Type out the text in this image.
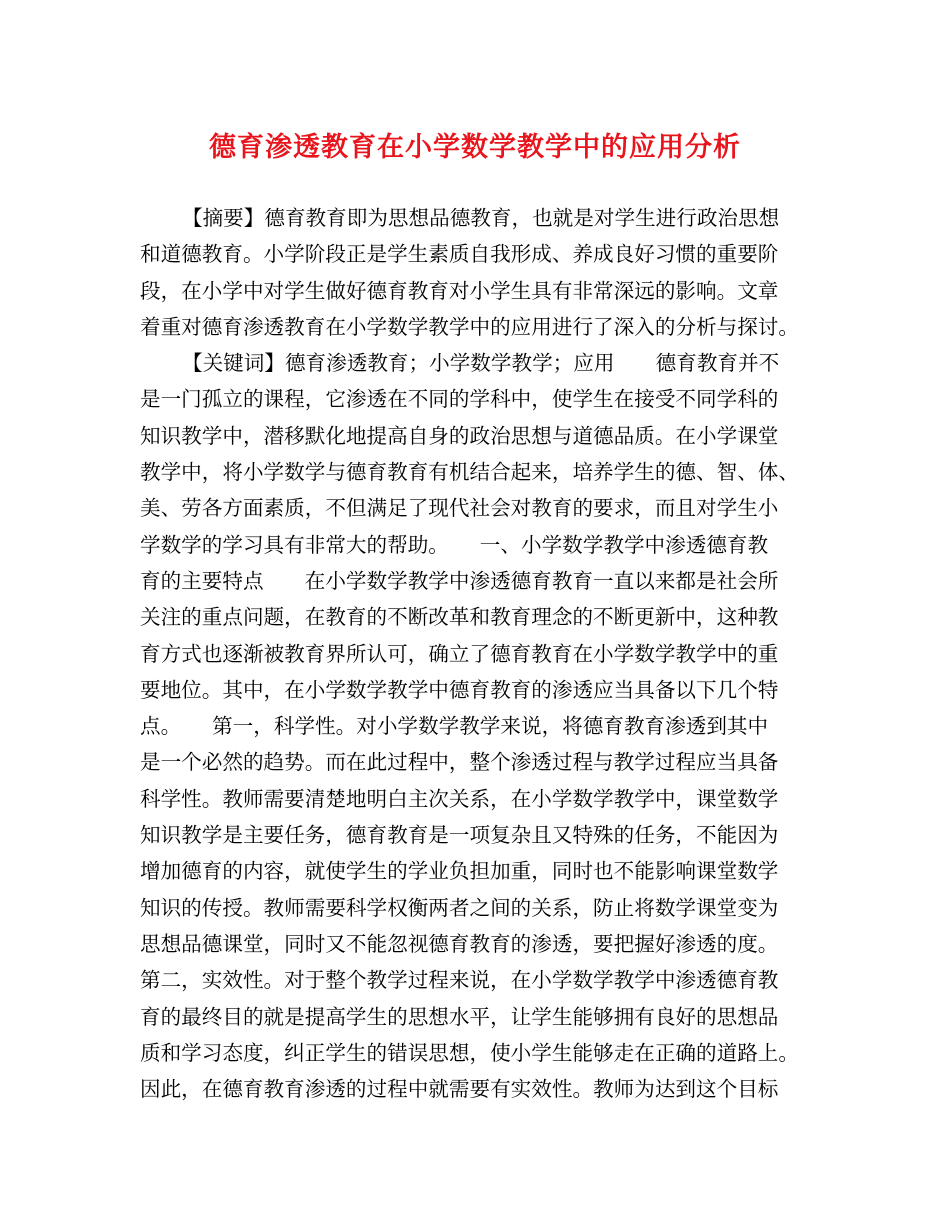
德育渗透教育在小学数学教学中的应用分析
【摘要】德育教育即为思想品德教育，也就是对学生进行政治思想
和道德教育。小学阶段正是学生素质自我形成、养成良好习惯的重要阶
段，在小学中对学生做好德育教育对小学生具有非常深远的影响。文章
着重对德育渗透教育在小学数学教学中的应用进行了深入的分析与探讨。
【关键词】德育渗透教育；小学数学教学；应用　　德育教育并不
是一门孤立的课程，它渗透在不同的学科中，使学生在接受不同学科的
知识教学中，潜移默化地提高自身的政治思想与道德品质。在小学课堂
教学中，将小学数学与德育教育有机结合起来，培养学生的德、智、体、
美、劳各方面素质，不但满足了现代社会对教育的要求，而且对学生小
学数学的学习具有非常大的帮助。　　一、小学数学教学中渗透德育教
育的主要特点　　在小学数学教学中渗透德育教育一直以来都是社会所
关注的重点问题，在教育的不断改革和教育理念的不断更新中，这种教
育方式也逐渐被教育界所认可，确立了德育教育在小学数学教学中的重
要地位。其中，在小学数学教学中德育教育的渗透应当具备以下几个特
点。　　第一，科学性。对小学数学教学来说，将德育教育渗透到其中
是一个必然的趋势。而在此过程中，整个渗透过程与教学过程应当具备
科学性。教师需要清楚地明白主次关系，在小学数学教学中，课堂数学
知识教学是主要任务，德育教育是一项复杂且又特殊的任务，不能因为
增加德育的内容，就使学生的学业负担加重，同时也不能影响课堂数学
知识的传授。教师需要科学权衡两者之间的关系，防止将数学课堂变为
思想品德课堂，同时又不能忽视德育教育的渗透，要把握好渗透的度。
第二，实效性。对于整个教学过程来说，在小学数学教学中渗透德育教
育的最终目的就是提高学生的思想水平，让学生能够拥有良好的思想品
质和学习态度，纠正学生的错误思想，使小学生能够走在正确的道路上。
因此，在德育教育渗透的过程中就需要有实效性。教师为达到这个目标
